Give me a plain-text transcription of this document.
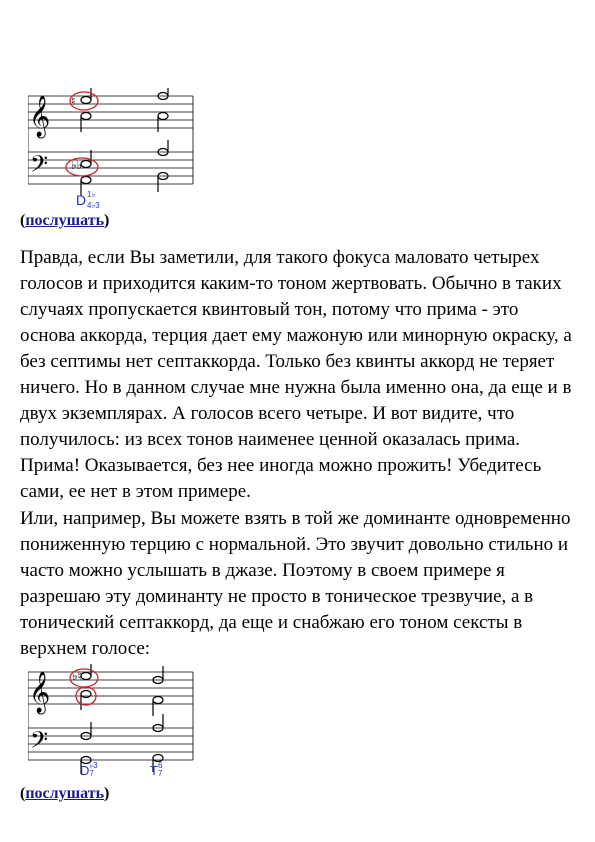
𝄞
𝄢
♮
♭♭
D 1♭
4♭3
(послушать)

Правда, если Вы заметили, для такого фокуса маловато четырех голосов и приходится каким-то тоном жертвовать. Обычно в таких случаях пропускается квинтовый тон, потому что прима - это основа аккорда, терция дает ему мажоную или минорную окраску, а без септимы нет септаккорда. Только без квинты аккорд не теряет ничего. Но в данном случае мне нужна была именно она, да еще и в двух экземплярах. А голосов всего четыре. И вот видите, что получилось: из всех тонов наименее ценной оказалась прима. Прима! Оказывается, без нее иногда можно прожить! Убедитесь сами, ее нет в этом примере.

Или, например, Вы можете взять в той же доминанте одновременно пониженную терцию с нормальной. Это звучит довольно стильно и часто можно услышать в джазе. Поэтому в своем примере я разрешаю эту доминанту не просто в тоническое трезвучие, а в тонический септаккорд, да еще и снабжаю его тоном сексты в верхнем голосе:

𝄞
𝄢
♭♮
D ♭3
7	T 6
7
(послушать)
